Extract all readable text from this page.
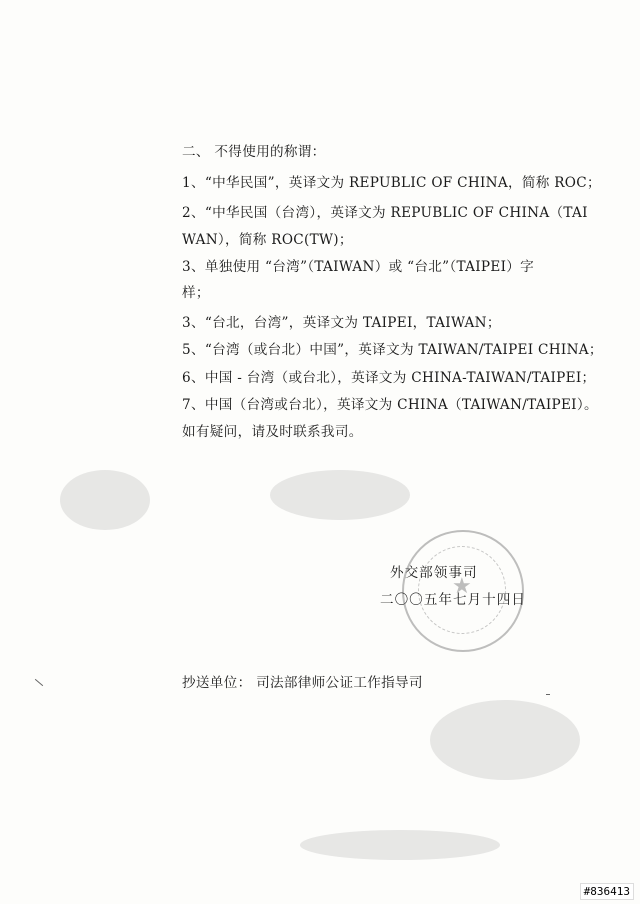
二、 不得使用的称谓：
1、“中华民国”，英译文为 REPUBLIC OF CHINA，简称 ROC；
2、“中华民国（台湾），英译文为 REPUBLIC OF CHINA（TAI
WAN），简称 ROC(TW)；
3、单独使用 “台湾”（TAIWAN）或 “台北”（TAIPEI）字
样；
3、“台北，台湾”，英译文为 TAIPEI，TAIWAN；
5、“台湾（或台北）中国”，英译文为 TAIWAN/TAIPEI CHINA；
6、中国 - 台湾（或台北），英译文为 CHINA-TAIWAN/TAIPEI；
7、中国（台湾或台北），英译文为 CHINA（TAIWAN/TAIPEI）。
如有疑问，请及时联系我司。
★
外交部领事司
二〇〇五年七月十四日
抄送单位： 司法部律师公证工作指导司
#836413
